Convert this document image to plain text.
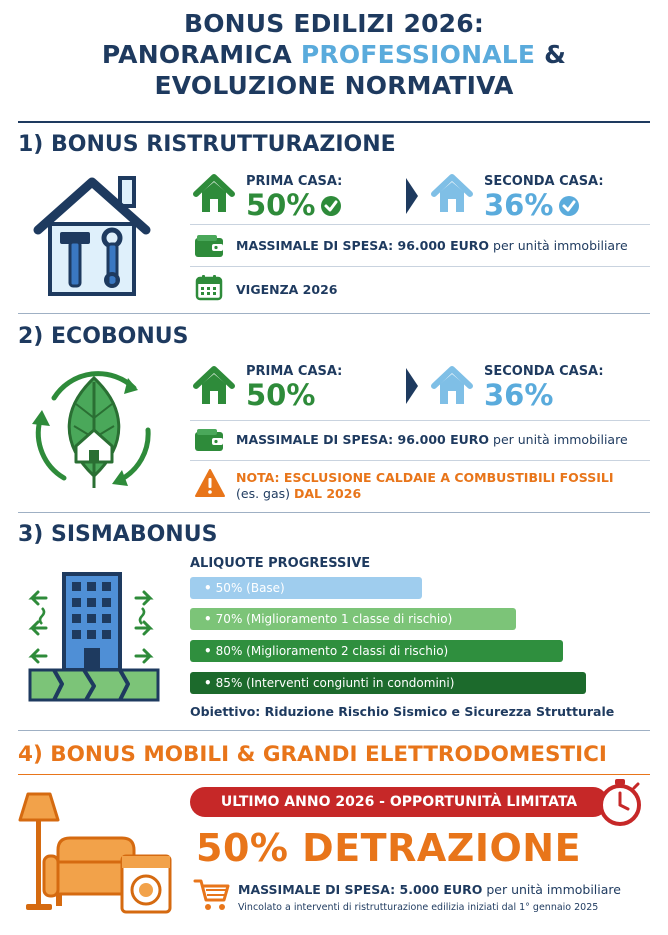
BONUS EDILIZI 2026:
PANORAMICA PROFESSIONALE &
EVOLUZIONE NORMATIVA
1) BONUS RISTRUTTURAZIONE
PRIMA CASA:
50%
SECONDA CASA:
36%
MASSIMALE DI SPESA: 96.000 EURO per unità immobiliare
VIGENZA 2026
2) ECOBONUS
PRIMA CASA:
50%
SECONDA CASA:
36%
MASSIMALE DI SPESA: 96.000 EURO per unità immobiliare
NOTA: ESCLUSIONE CALDAIE A COMBUSTIBILI FOSSILI
(es. gas) DAL 2026
3) SISMABONUS
ALIQUOTE PROGRESSIVE
• 50% (Base)
• 70% (Miglioramento 1 classe di rischio)
• 80% (Miglioramento 2 classi di rischio)
• 85% (Interventi congiunti in condomini)
Obiettivo: Riduzione Rischio Sismico e Sicurezza Strutturale
4) BONUS MOBILI & GRANDI ELETTRODOMESTICI
ULTIMO ANNO 2026 - OPPORTUNITÀ LIMITATA
50% DETRAZIONE
MASSIMALE DI SPESA: 5.000 EURO per unità immobiliare
Vincolato a interventi di ristrutturazione edilizia iniziati dal 1° gennaio 2025
